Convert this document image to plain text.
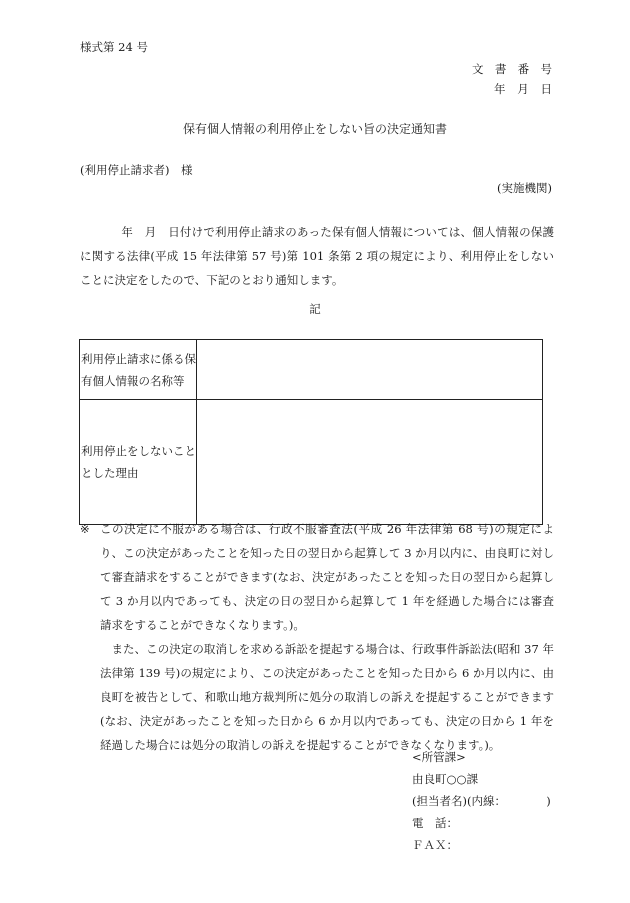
様式第 24 号
文 書 番 号
年 月 日
保有個人情報の利用停止をしない旨の決定通知書
(利用停止請求者)　様
(実施機関)

年　月　日付けで利用停止請求のあった保有個人情報については、個人情報の保護に関する法律(平成 15 年法律第 57 号)第 101 条第 2 項の規定により、利用停止をしないことに決定をしたので、下記のとおり通知します。

記
利用停止請求に係る保有個人情報の名称等	
利用停止をしないこととした理由	
※ この決定に不服がある場合は、行政不服審査法(平成 26 年法律第 68 号)の規定により、この決定があったことを知った日の翌日から起算して 3 か月以内に、由良町に対して審査請求をすることができます(なお、決定があったことを知った日の翌日から起算して 3 か月以内であっても、決定の日の翌日から起算して 1 年を経過した場合には審査請求をすることができなくなります。)。

また、この決定の取消しを求める訴訟を提起する場合は、行政事件訴訟法(昭和 37 年法律第 139 号)の規定により、この決定があったことを知った日から 6 か月以内に、由良町を被告として、和歌山地方裁判所に処分の取消しの訴えを提起することができます(なお、決定があったことを知った日から 6 か月以内であっても、決定の日から 1 年を経過した場合には処分の取消しの訴えを提起することができなくなります。)。

<所管課>
由良町○○課
(担当者名)(内線：　　　　)
電　話：
ＦＡＸ：
